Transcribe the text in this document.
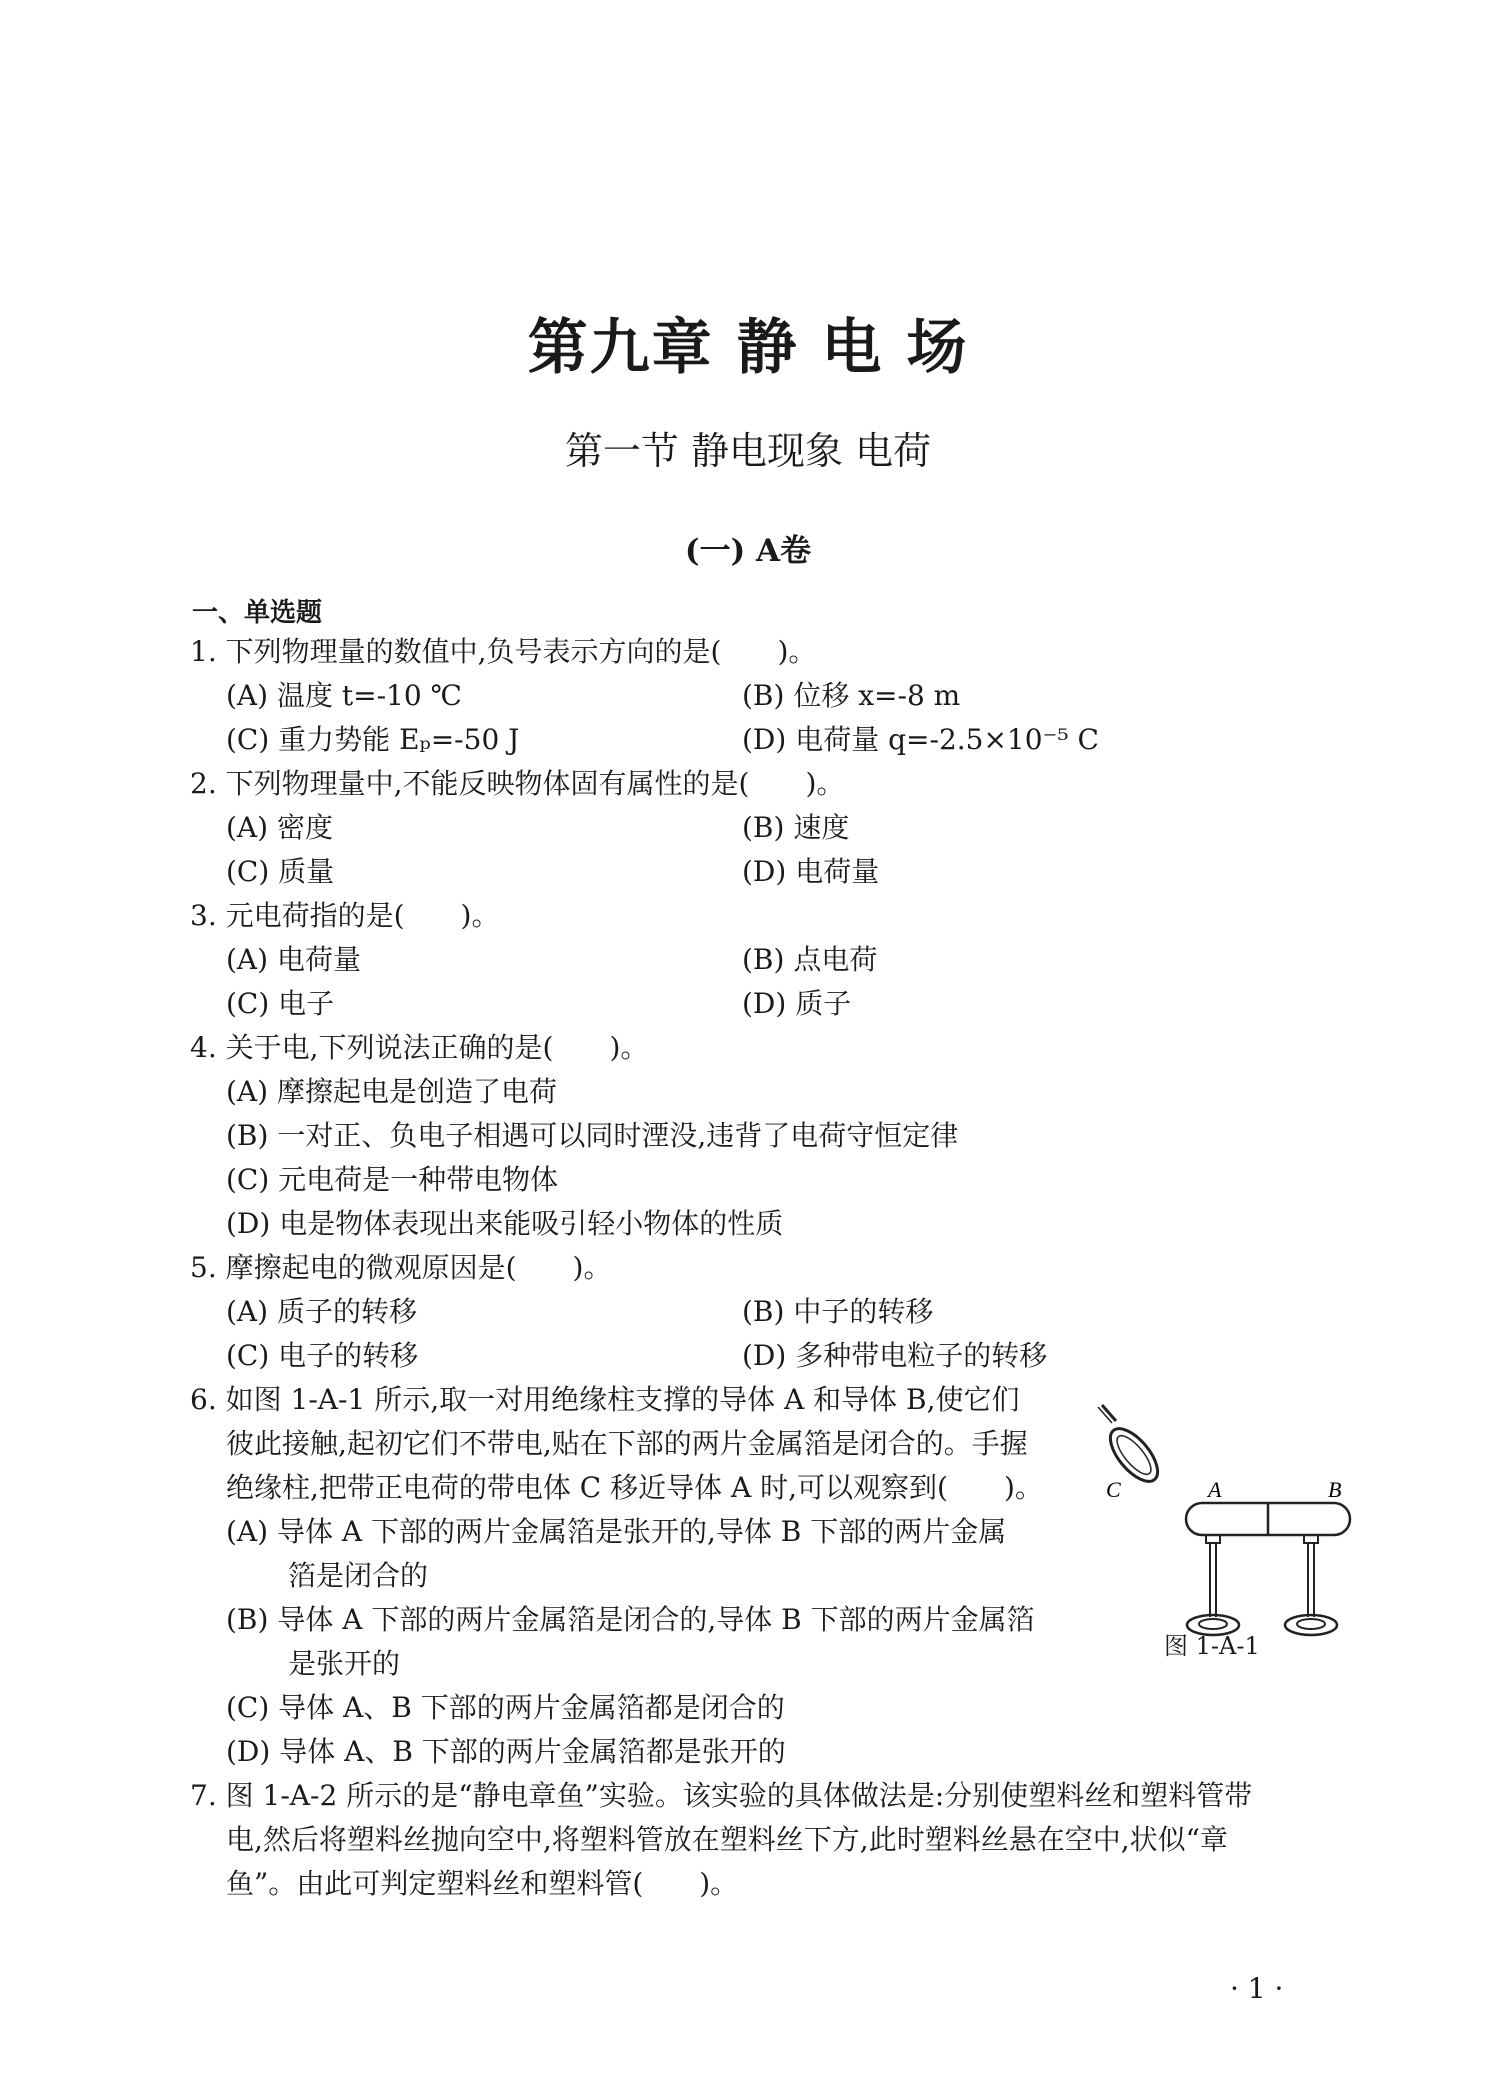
第九章 静 电 场
第一节 静电现象 电荷
(一) A卷
一、单选题
1. 下列物理量的数值中,负号表示方向的是(　　)。
(A) 温度 t=-10 ℃	(B) 位移 x=-8 m
(C) 重力势能 Eₚ=-50 J	(D) 电荷量 q=-2.5×10⁻⁵ C
2. 下列物理量中,不能反映物体固有属性的是(　　)。
(A) 密度	(B) 速度
(C) 质量	(D) 电荷量
3. 元电荷指的是(　　)。
(A) 电荷量	(B) 点电荷
(C) 电子	(D) 质子
4. 关于电,下列说法正确的是(　　)。
(A) 摩擦起电是创造了电荷
(B) 一对正、负电子相遇可以同时湮没,违背了电荷守恒定律
(C) 元电荷是一种带电物体
(D) 电是物体表现出来能吸引轻小物体的性质
5. 摩擦起电的微观原因是(　　)。
(A) 质子的转移	(B) 中子的转移
(C) 电子的转移	(D) 多种带电粒子的转移
6. 如图 1-A-1 所示,取一对用绝缘柱支撑的导体 A 和导体 B,使它们
彼此接触,起初它们不带电,贴在下部的两片金属箔是闭合的。手握
绝缘柱,把带正电荷的带电体 C 移近导体 A 时,可以观察到(　　)。
(A) 导体 A 下部的两片金属箔是张开的,导体 B 下部的两片金属
箔是闭合的
(B) 导体 A 下部的两片金属箔是闭合的,导体 B 下部的两片金属箔
是张开的
(C) 导体 A、B 下部的两片金属箔都是闭合的
(D) 导体 A、B 下部的两片金属箔都是张开的
7. 图 1-A-2 所示的是“静电章鱼”实验。该实验的具体做法是:分别使塑料丝和塑料管带
电,然后将塑料丝抛向空中,将塑料管放在塑料丝下方,此时塑料丝悬在空中,状似“章
鱼”。由此可判定塑料丝和塑料管(　　)。
C	A	B
图 1-A-1
· 1 ·
